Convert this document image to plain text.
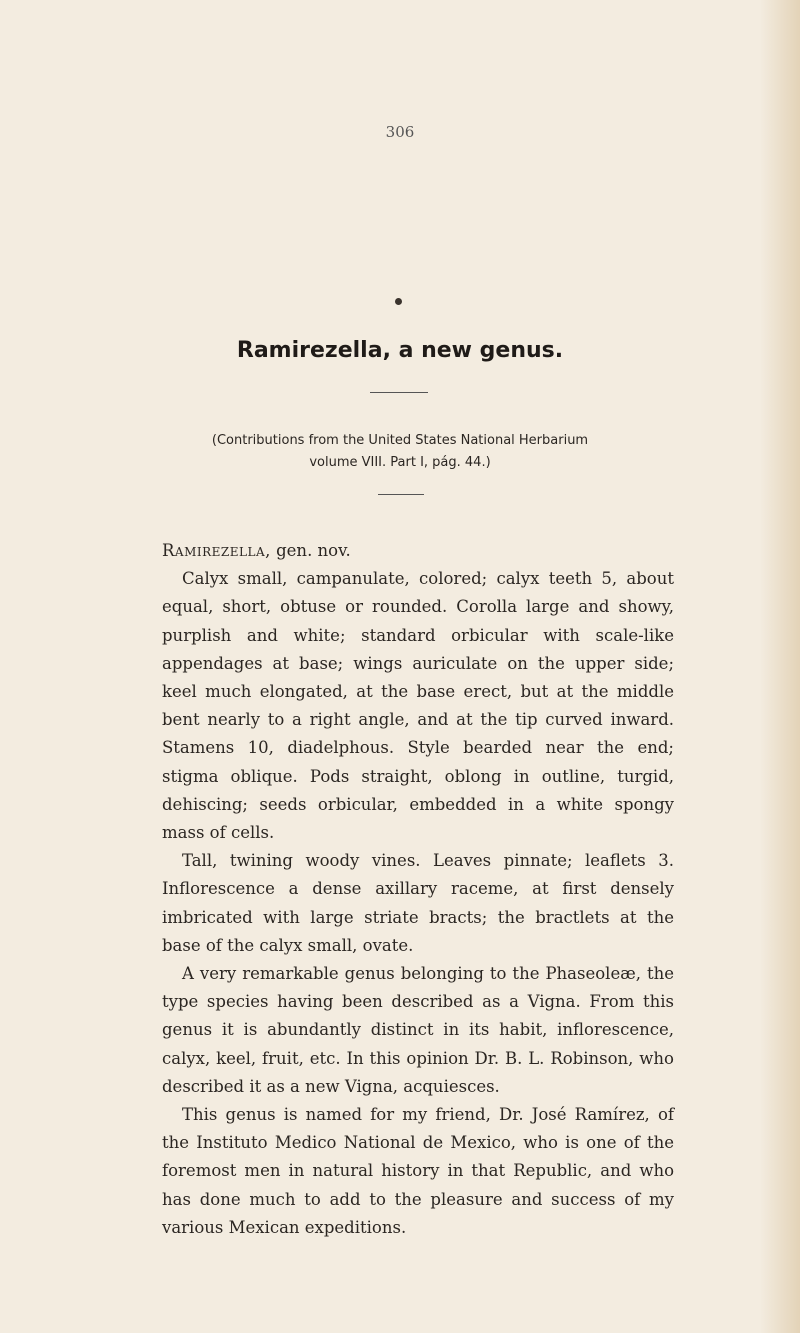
306
Ramirezella, a new genus.
(Contributions from the United States National Herbarium
volume VIII. Part I, pág. 44.)

Ramirezella, gen. nov.

Calyx small, campanulate, colored; calyx teeth 5, about equal, short, obtuse or rounded. Corolla large and showy, purplish and white; standard orbicular with scale-like appendages at base; wings auriculate on the upper side; keel much elongated, at the base erect, but at the middle bent nearly to a right angle, and at the tip curved inward. Stamens 10, diadelphous. Style bearded near the end; stigma oblique. Pods straight, oblong in outline, turgid, dehiscing; seeds orbicular, embedded in a white spongy mass of cells.

Tall, twining woody vines. Leaves pinnate; leaflets 3. Inflorescence a dense axillary raceme, at first densely imbricated with large striate bracts; the bractlets at the base of the calyx small, ovate.

A very remarkable genus belonging to the Phaseoleæ, the type species having been described as a Vigna. From this genus it is abundantly distinct in its habit, inflorescence, calyx, keel, fruit, etc. In this opinion Dr. B. L. Robinson, who described it as a new Vigna, acquiesces.

This genus is named for my friend, Dr. José Ramírez, of the Instituto Medico National de Mexico, who is one of the foremost men in natural history in that Republic, and who has done much to add to the pleasure and success of my various Mexican expeditions.
